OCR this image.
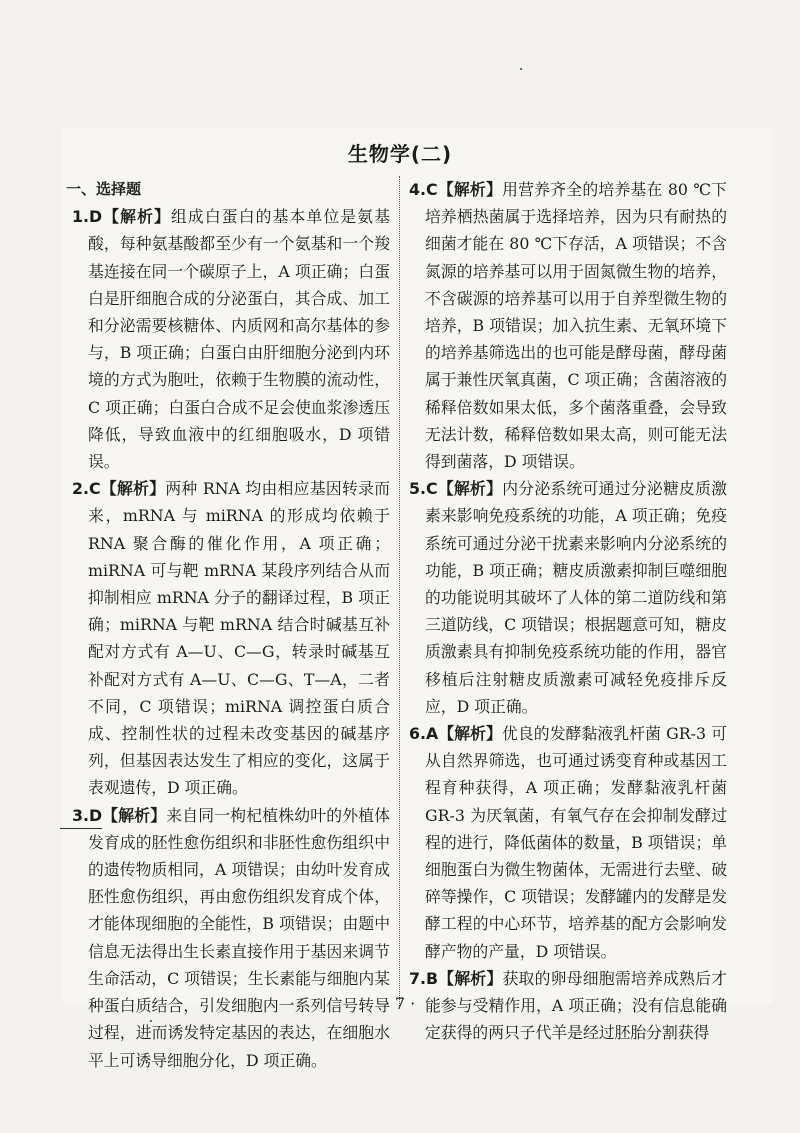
生物学(二)
一、选择题

1.D【解析】组成白蛋白的基本单位是氨基酸，每种氨基酸都至少有一个氨基和一个羧基连接在同一个碳原子上，A 项正确；白蛋白是肝细胞合成的分泌蛋白，其合成、加工和分泌需要核糖体、内质网和高尔基体的参与，B 项正确；白蛋白由肝细胞分泌到内环境的方式为胞吐，依赖于生物膜的流动性，C 项正确；白蛋白合成不足会使血浆渗透压降低，导致血液中的红细胞吸水，D 项错误。

2.C【解析】两种 RNA 均由相应基因转录而来，mRNA 与 miRNA 的形成均依赖于 RNA 聚合酶的催化作用，A 项正确；miRNA 可与靶 mRNA 某段序列结合从而抑制相应 mRNA 分子的翻译过程，B 项正确；miRNA 与靶 mRNA 结合时碱基互补配对方式有 A—U、C—G，转录时碱基互补配对方式有 A—U、C—G、T—A，二者不同，C 项错误；miRNA 调控蛋白质合成、控制性状的过程未改变基因的碱基序列，但基因表达发生了相应的变化，这属于表观遗传，D 项正确。

3.D【解析】来自同一枸杞植株幼叶的外植体发育成的胚性愈伤组织和非胚性愈伤组织中的遗传物质相同，A 项错误；由幼叶发育成胚性愈伤组织，再由愈伤组织发育成个体，才能体现细胞的全能性，B 项错误；由题中信息无法得出生长素直接作用于基因来调节生命活动，C 项错误；生长素能与细胞内某种蛋白质结合，引发细胞内一系列信号转导过程，进而诱发特定基因的表达，在细胞水平上可诱导细胞分化，D 项正确。

4.C【解析】用营养齐全的培养基在 80 ℃下培养栖热菌属于选择培养，因为只有耐热的细菌才能在 80 ℃下存活，A 项错误；不含氮源的培养基可以用于固氮微生物的培养，不含碳源的培养基可以用于自养型微生物的培养，B 项错误；加入抗生素、无氧环境下的培养基筛选出的也可能是酵母菌，酵母菌属于兼性厌氧真菌，C 项正确；含菌溶液的稀释倍数如果太低，多个菌落重叠，会导致无法计数，稀释倍数如果太高，则可能无法得到菌落，D 项错误。

5.C【解析】内分泌系统可通过分泌糖皮质激素来影响免疫系统的功能，A 项正确；免疫系统可通过分泌干扰素来影响内分泌系统的功能，B 项正确；糖皮质激素抑制巨噬细胞的功能说明其破坏了人体的第二道防线和第三道防线，C 项错误；根据题意可知，糖皮质激素具有抑制免疫系统功能的作用，器官移植后注射糖皮质激素可减轻免疫排斥反应，D 项正确。

6.A【解析】优良的发酵黏液乳杆菌 GR-3 可从自然界筛选，也可通过诱变育种或基因工程育种获得，A 项正确；发酵黏液乳杆菌 GR-3 为厌氧菌，有氧气存在会抑制发酵过程的进行，降低菌体的数量，B 项错误；单细胞蛋白为微生物菌体，无需进行去壁、破碎等操作，C 项错误；发酵罐内的发酵是发酵工程的中心环节，培养基的配方会影响发酵产物的产量，D 项错误。

7.B【解析】获取的卵母细胞需培养成熟后才能参与受精作用，A 项正确；没有信息能确定获得的两只子代羊是经过胚胎分割获得

· 7 ·
